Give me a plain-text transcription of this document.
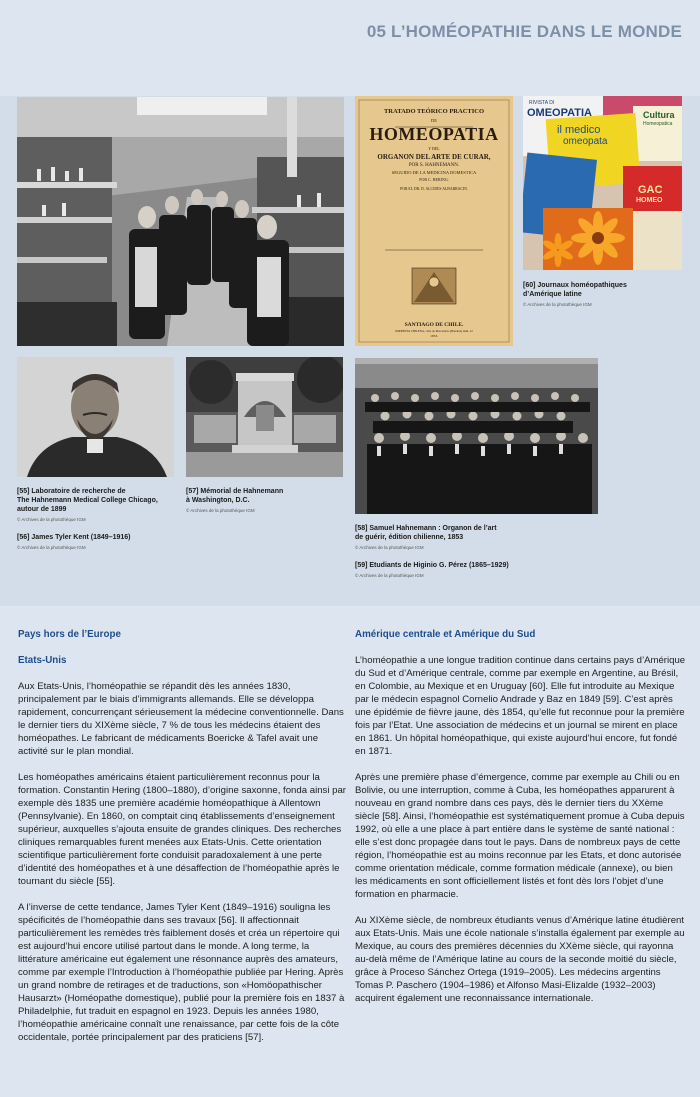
05 L’HOMÉOPATHIE DANS LE MONDE
TRATADO TEÓRICO PRACTICO
DE
HOMEOPATIA
Y DEL
ORGANON DEL ARTE DE CURAR,
POR S. HAHNEMANN.
SEGUIDO DE LA MEDICINA DOMESTICA
POR C. HERING.
POR EL DR. D. ALCIDES ALBARRACIN.
SANTIAGO DE CHILE.
IMPRENTA CHILENA, calle de Marcedario (Bandera) núm. 12
1853.
RIVISTA DI
OMEOPATIA
il medico
omeopata
Cultura
Homeopatica
GAC
HOMEO
[55] Laboratoire de recherche de
The Hahnemann Medical College Chicago,
autour de 1899
© Archives de la photothèque IGM
[56] James Tyler Kent (1849–1916)
© Archives de la photothèque IGM
[57] Mémorial de Hahnemann
à Washington, D.C.
© Archives de la photothèque IGM
[60] Journaux homéopathiques
d’Amérique latine
© Archives de la photothèque IGM
[58] Samuel Hahnemann : Organon de l’art
de guérir, édition chilienne, 1853
© Archives de la photothèque IGM
[59] Etudiants de Higinio G. Pérez (1865–1929)
© Archives de la photothèque IGM
Pays hors de l’Europe
Etats-Unis
Aux Etats-Unis, l’homéopathie se répandit dès les années 1830, principalement par le biais d’immigrants allemands. Elle se développa rapidement, concurrençant sérieusement la médecine conventionnelle. Dans le dernier tiers du XIXème siècle, 7 % de tous les médecins étaient des homéopathes. Le fabricant de médicaments Boericke & Tafel avait une activité sur le plan mondial.
Les homéopathes américains étaient particulièrement reconnus pour la formation. Constantin Hering (1800–1880), d’origine saxonne, fonda ainsi par exemple dès 1835 une première académie homéopathique à Allentown (Pennsylvanie). En 1860, on comptait cinq établissements d’enseignement supérieur, auxquelles s’ajouta ensuite de grandes cliniques. Des recherches cliniques remarquables furent menées aux Etats-Unis. Cette orientation scientifique particulièrement forte conduisit paradoxalement à une perte d’identité des homéopathes et à une désaffection de l’homéopathie après le tournant du siècle [55].
A l’inverse de cette tendance, James Tyler Kent (1849–1916) souligna les spécificités de l’homéopathie dans ses travaux [56]. Il affectionnait particulièrement les remèdes très faiblement dosés et créa un répertoire qui est aujourd’hui encore utilisé partout dans le monde. A long terme, la littérature américaine eut également une résonnance auprès des amateurs, comme par exemple l’Introduction à l’homéopathie publiée par Hering. Après un grand nombre de retirages et de traductions, son «Homöopathischer Hausarzt» (Homéopathe domestique), publié pour la première fois en 1837 à Philadelphie, fut traduit en espagnol en 1923. Depuis les années 1980, l’homéopathie américaine connaît une renaissance, par cette fois de la côte occidentale, portée principalement par des praticiens [57].
Amérique centrale et Amérique du Sud
L’homéopathie a une longue tradition continue dans certains pays d’Amérique du Sud et d’Amérique centrale, comme par exemple en Argentine, au Brésil, en Colombie, au Mexique et en Uruguay [60]. Elle fut introduite au Mexique par le médecin espagnol Cornelio Andrade y Baz en 1849 [59]. C’est après une épidémie de fièvre jaune, dès 1854, qu’elle fut reconnue pour la première fois par l’Etat. Une association de médecins et un journal se mirent en place en 1861. Un hôpital homéopathique, qui existe aujourd’hui encore, fut fondé en 1871.
Après une première phase d’émergence, comme par exemple au Chili ou en Bolivie, ou une interruption, comme à Cuba, les homéopathes apparurent à nouveau en grand nombre dans ces pays, dès le dernier tiers du XXème siècle [58]. Ainsi, l’homéopathie est systématiquement promue à Cuba depuis 1992, où elle a une place à part entière dans le système de santé national : elle s’est donc propagée dans tout le pays. Dans de nombreux pays de cette région, l’homéopathie est au moins reconnue par les Etats, et donc autorisée comme orientation médicale, comme formation médicale (annexe), ou bien les médicaments en sont officiellement listés et font dès lors l’objet d’une formation en pharmacie.
Au XIXème siècle, de nombreux étudiants venus d’Amérique latine étudièrent aux Etats-Unis. Mais une école nationale s’installa également par exemple au Mexique, au cours des premières décennies du XXème siècle, qui rayonna au-delà même de l’Amérique latine au cours de la seconde moitié du siècle, grâce à Proceso Sánchez Ortega (1919–2005). Les médecins argentins Tomas P. Paschero (1904–1986) et Alfonso Masi-Elizalde (1932–2003) acquirent également une reconnaissance internationale.
